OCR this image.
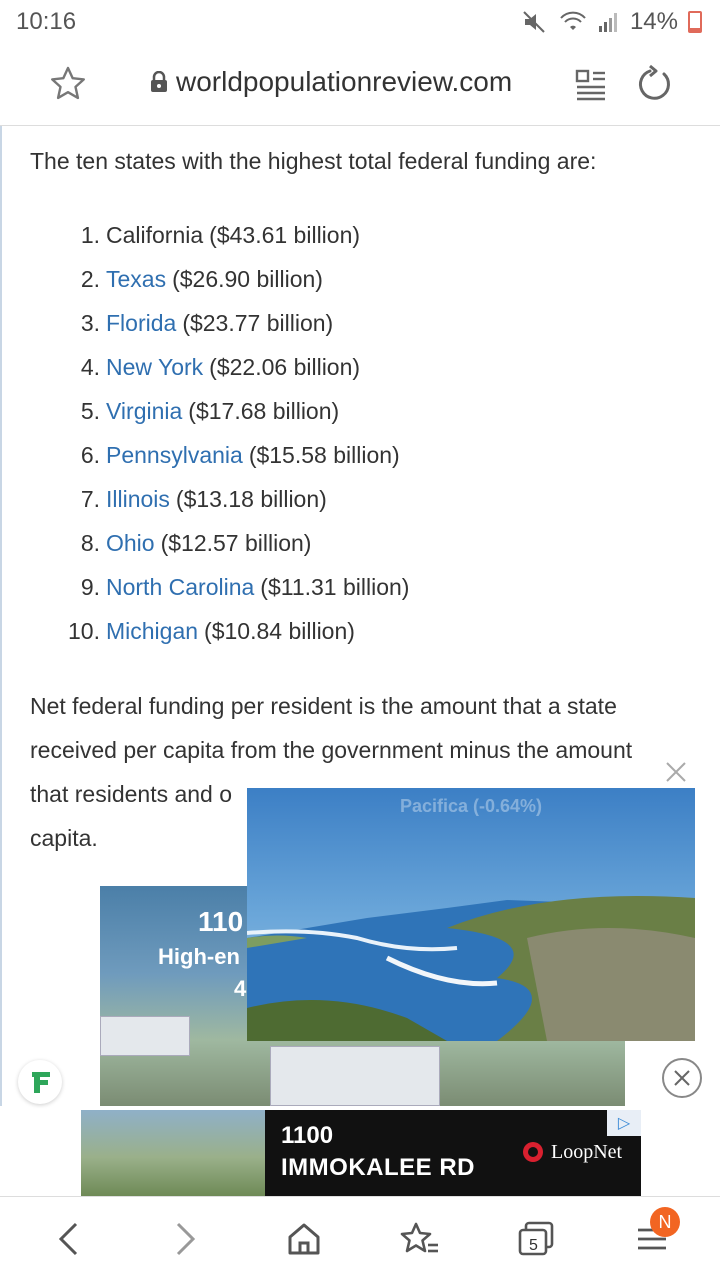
10:16	14%
worldpopulationreview.com
The ten states with the highest total federal funding are:
1. California ($43.61 billion)
2. Texas ($26.90 billion)
3. Florida ($23.77 billion)
4. New York ($22.06 billion)
5. Virginia ($17.68 billion)
6. Pennsylvania ($15.58 billion)
7. Illinois ($13.18 billion)
8. Ohio ($12.57 billion)
9. North Carolina ($11.31 billion)
10. Michigan ($10.84 billion)
Net federal funding per resident is the amount that a state
received per capita from the government minus the amount
that residents and o
capita.
110
High-en
4
Pacifica (-0.64%)
1100
IMMOKALEE RD
LoopNet
▷
5
N
